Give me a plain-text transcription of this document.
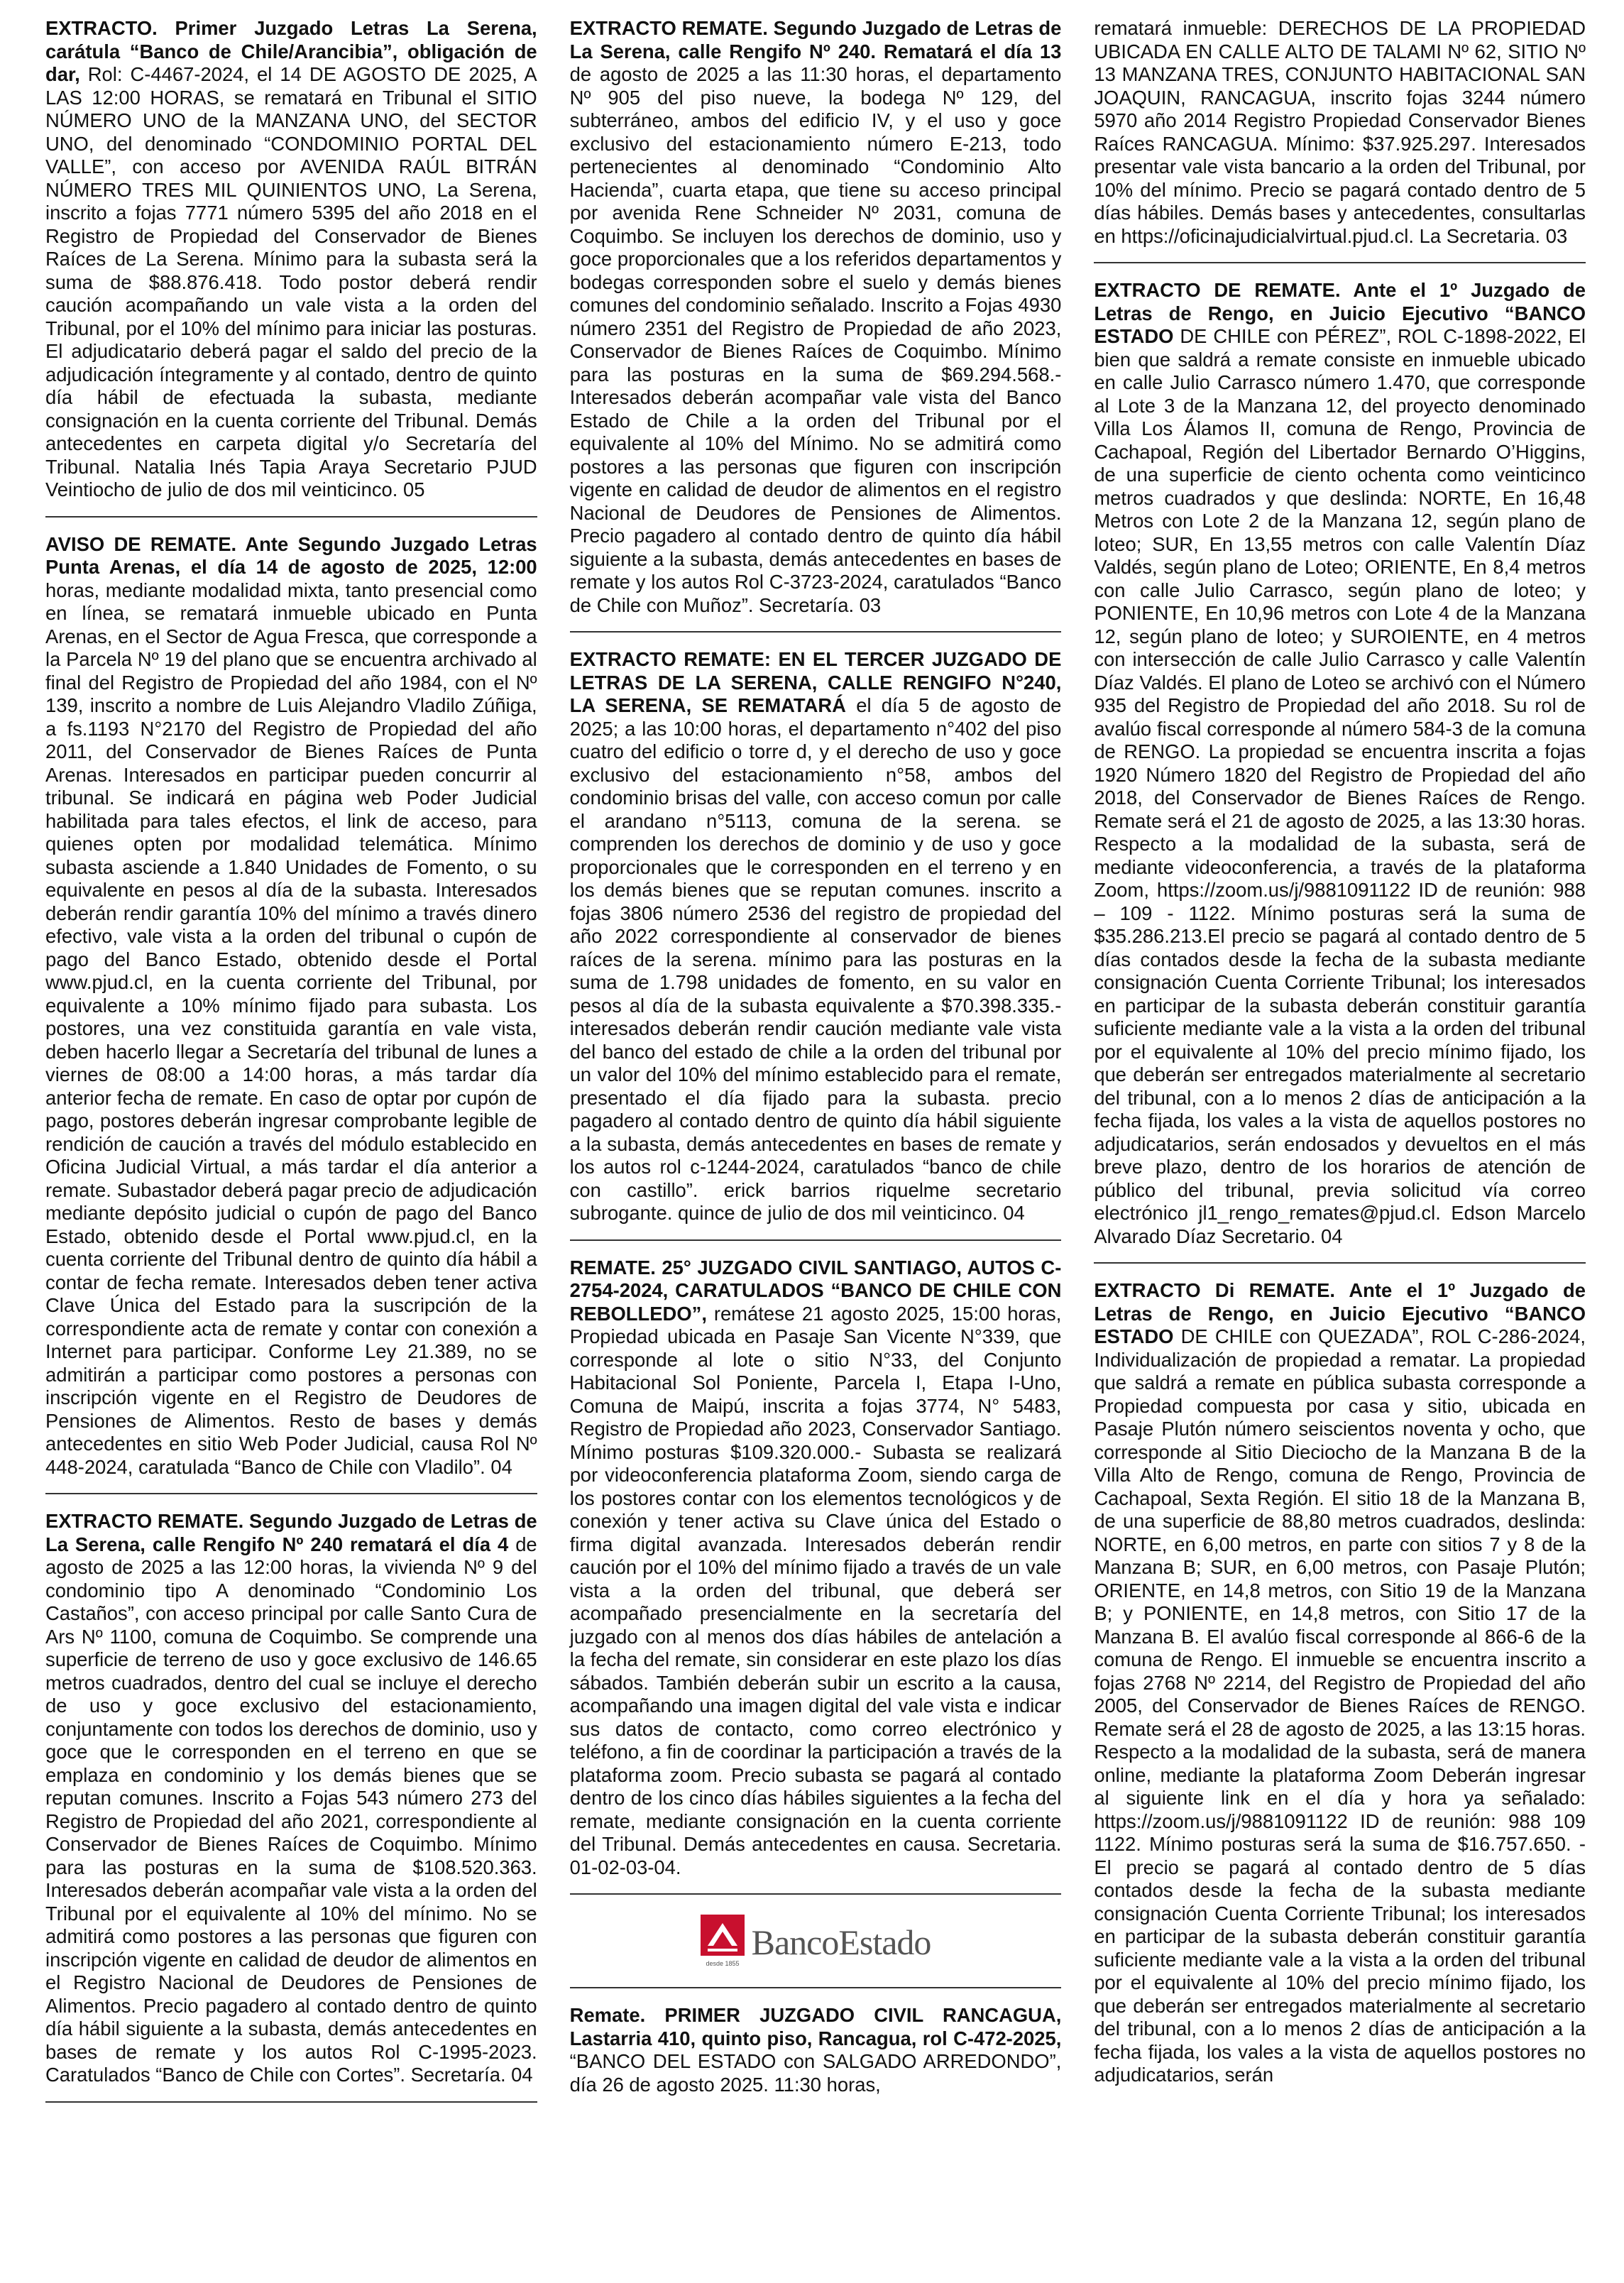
EXTRACTO. Primer Juzgado Letras La Serena, carátula “Banco de Chile/Arancibia”, obligación de dar, Rol: C-4467-2024, el 14 DE AGOSTO DE 2025, A LAS 12:00 HORAS, se rematará en Tribunal el SITIO NÚMERO UNO de la MANZANA UNO, del SECTOR UNO, del denominado “CONDOMINIO PORTAL DEL VALLE”, con acceso por AVENIDA RAÚL BITRÁN NÚMERO TRES MIL QUINIENTOS UNO, La Serena, inscrito a fojas 7771 número 5395 del año 2018 en el Registro de Propiedad del Conservador de Bienes Raíces de La Serena. Mínimo para la subasta será la suma de $88.876.418. Todo postor deberá rendir caución acompañando un vale vista a la orden del Tribunal, por el 10% del mínimo para iniciar las posturas. El adjudicatario deberá pagar el saldo del precio de la adjudicación íntegramente y al contado, dentro de quinto día hábil de efectuada la subasta, mediante consignación en la cuenta corriente del Tribunal. Demás antecedentes en carpeta digital y/o Secretaría del Tribunal. Natalia Inés Tapia Araya Secretario PJUD Veintiocho de julio de dos mil veinticinco. 05

AVISO DE REMATE. Ante Segundo Juzgado Letras Punta Arenas, el día 14 de agosto de 2025, 12:00 horas, mediante modalidad mixta, tanto presencial como en línea, se rematará inmueble ubicado en Punta Arenas, en el Sector de Agua Fresca, que corresponde a la Parcela Nº 19 del plano que se encuentra archivado al final del Registro de Propiedad del año 1984, con el Nº 139, inscrito a nombre de Luis Alejandro Vladilo Zúñiga, a fs.1193 N°2170 del Registro de Propiedad del año 2011, del Conservador de Bienes Raíces de Punta Arenas. Interesados en participar pueden concurrir al tribunal. Se indicará en página web Poder Judicial habilitada para tales efectos, el link de acceso, para quienes opten por modalidad telemática. Mínimo subasta asciende a 1.840 Unidades de Fomento, o su equivalente en pesos al día de la subasta. Interesados deberán rendir garantía 10% del mínimo a través dinero efectivo, vale vista a la orden del tribunal o cupón de pago del Banco Estado, obtenido desde el Portal www.pjud.cl, en la cuenta corriente del Tribunal, por equivalente a 10% mínimo fijado para subasta. Los postores, una vez constituida garantía en vale vista, deben hacerlo llegar a Secretaría del tribunal de lunes a viernes de 08:00 a 14:00 horas, a más tardar día anterior fecha de remate. En caso de optar por cupón de pago, postores deberán ingresar comprobante legible de rendición de caución a través del módulo establecido en Oficina Judicial Virtual, a más tardar el día anterior a remate. Subastador deberá pagar precio de adjudicación mediante depósito judicial o cupón de pago del Banco Estado, obtenido desde el Portal www.pjud.cl, en la cuenta corriente del Tribunal dentro de quinto día hábil a contar de fecha remate. Interesados deben tener activa Clave Única del Estado para la suscripción de la correspondiente acta de remate y contar con conexión a Internet para participar. Conforme Ley 21.389, no se admitirán a participar como postores a personas con inscripción vigente en el Registro de Deudores de Pensiones de Alimentos. Resto de bases y demás antecedentes en sitio Web Poder Judicial, causa Rol Nº 448-2024, caratulada “Banco de Chile con Vladilo”. 04

EXTRACTO REMATE. Segundo Juzgado de Letras de La Serena, calle Rengifo Nº 240 rematará el día 4 de agosto de 2025 a las 12:00 horas, la vivienda Nº 9 del condominio tipo A denominado “Condominio Los Castaños”, con acceso principal por calle Santo Cura de Ars Nº 1100, comuna de Coquimbo. Se comprende una superficie de terreno de uso y goce exclusivo de 146.65 metros cuadrados, dentro del cual se incluye el derecho de uso y goce exclusivo del estacionamiento, conjuntamente con todos los derechos de dominio, uso y goce que le corresponden en el terreno en que se emplaza en condominio y los demás bienes que se reputan comunes. Inscrito a Fojas 543 número 273 del Registro de Propiedad del año 2021, correspondiente al Conservador de Bienes Raíces de Coquimbo. Mínimo para las posturas en la suma de $108.520.363. Interesados deberán acompañar vale vista a la orden del Tribunal por el equivalente al 10% del mínimo. No se admitirá como postores a las personas que figuren con inscripción vigente en calidad de deudor de alimentos en el Registro Nacional de Deudores de Pensiones de Alimentos. Precio pagadero al contado dentro de quinto día hábil siguiente a la subasta, demás antecedentes en bases de remate y los autos Rol C-1995-2023. Caratulados “Banco de Chile con Cortes”. Secretaría. 04

EXTRACTO REMATE. Segundo Juzgado de Letras de La Serena, calle Rengifo Nº 240. Rematará el día 13 de agosto de 2025 a las 11:30 horas, el departamento Nº 905 del piso nueve, la bodega Nº 129, del subterráneo, ambos del edificio IV, y el uso y goce exclusivo del estacionamiento número E-213, todo pertenecientes al denominado “Condominio Alto Hacienda”, cuarta etapa, que tiene su acceso principal por avenida Rene Schneider Nº 2031, comuna de Coquimbo. Se incluyen los derechos de dominio, uso y goce proporcionales que a los referidos departamentos y bodegas corresponden sobre el suelo y demás bienes comunes del condominio señalado. Inscrito a Fojas 4930 número 2351 del Registro de Propiedad de año 2023, Conservador de Bienes Raíces de Coquimbo. Mínimo para las posturas en la suma de $69.294.568.- Interesados deberán acompañar vale vista del Banco Estado de Chile a la orden del Tribunal por el equivalente al 10% del Mínimo. No se admitirá como postores a las personas que figuren con inscripción vigente en calidad de deudor de alimentos en el registro Nacional de Deudores de Pensiones de Alimentos. Precio pagadero al contado dentro de quinto día hábil siguiente a la subasta, demás antecedentes en bases de remate y los autos Rol C-3723-2024, caratulados “Banco de Chile con Muñoz”. Secretaría. 03

EXTRACTO REMATE: EN EL TERCER JUZGADO DE LETRAS DE LA SERENA, CALLE RENGIFO N°240, LA SERENA, SE REMATARÁ el día 5 de agosto de 2025; a las 10:00 horas, el departamento n°402 del piso cuatro del edificio o torre d, y el derecho de uso y goce exclusivo del estacionamiento n°58, ambos del condominio brisas del valle, con acceso comun por calle el arandano n°5113, comuna de la serena. se comprenden los derechos de dominio y de uso y goce proporcionales que le corresponden en el terreno y en los demás bienes que se reputan comunes. inscrito a fojas 3806 número 2536 del registro de propiedad del año 2022 correspondiente al conservador de bienes raíces de la serena. mínimo para las posturas en la suma de 1.798 unidades de fomento, en su valor en pesos al día de la subasta equivalente a $70.398.335.- interesados deberán rendir caución mediante vale vista del banco del estado de chile a la orden del tribunal por un valor del 10% del mínimo establecido para el remate, presentado el día fijado para la subasta. precio pagadero al contado dentro de quinto día hábil siguiente a la subasta, demás antecedentes en bases de remate y los autos rol c-1244-2024, caratulados “banco de chile con castillo”. erick barrios riquelme secretario subrogante. quince de julio de dos mil veinticinco. 04

REMATE. 25° JUZGADO CIVIL SANTIAGO, AUTOS C-2754-2024, CARATULADOS “BANCO DE CHILE CON REBOLLEDO”, remátese 21 agosto 2025, 15:00 horas, Propiedad ubicada en Pasaje San Vicente N°339, que corresponde al lote o sitio N°33, del Conjunto Habitacional Sol Poniente, Parcela I, Etapa I-Uno, Comuna de Maipú, inscrita a fojas 3774, N° 5483, Registro de Propiedad año 2023, Conservador Santiago. Mínimo posturas $109.320.000.- Subasta se realizará por videoconferencia plataforma Zoom, siendo carga de los postores contar con los elementos tecnológicos y de conexión y tener activa su Clave única del Estado o firma digital avanzada. Interesados deberán rendir caución por el 10% del mínimo fijado a través de un vale vista a la orden del tribunal, que deberá ser acompañado presencialmente en la secretaría del juzgado con al menos dos días hábiles de antelación a la fecha del remate, sin considerar en este plazo los días sábados. También deberán subir un escrito a la causa, acompañando una imagen digital del vale vista e indicar sus datos de contacto, como correo electrónico y teléfono, a fin de coordinar la participación a través de la plataforma zoom. Precio subasta se pagará al contado dentro de los cinco días hábiles siguientes a la fecha del remate, mediante consignación en la cuenta corriente del Tribunal. Demás antecedentes en causa. Secretaria. 01-02-03-04.

desde 1855
BancoEstado

Remate. PRIMER JUZGADO CIVIL RANCAGUA, Lastarria 410, quinto piso, Rancagua, rol C-472-2025, “BANCO DEL ESTADO con SALGADO ARREDONDO”, día 26 de agosto 2025. 11:30 horas,

rematará inmueble: DERECHOS DE LA PROPIEDAD UBICADA EN CALLE ALTO DE TALAMI Nº 62, SITIO Nº 13 MANZANA TRES, CONJUNTO HABITACIONAL SAN JOAQUIN, RANCAGUA, inscrito fojas 3244 número 5970 año 2014 Registro Propiedad Conservador Bienes Raíces RANCAGUA. Mínimo: $37.925.297. Interesados presentar vale vista bancario a la orden del Tribunal, por 10% del mínimo. Precio se pagará contado dentro de 5 días hábiles. Demás bases y antecedentes, consultarlas en https://oficinajudicialvirtual.pjud.cl. La Secretaria. 03

EXTRACTO DE REMATE. Ante el 1º Juzgado de Letras de Rengo, en Juicio Ejecutivo “BANCO ESTADO DE CHILE con PÉREZ”, ROL C-1898-2022, El bien que saldrá a remate consiste en inmueble ubicado en calle Julio Carrasco número 1.470, que corresponde al Lote 3 de la Manzana 12, del proyecto denominado Villa Los Álamos II, comuna de Rengo, Provincia de Cachapoal, Región del Libertador Bernardo O’Higgins, de una superficie de ciento ochenta como veinticinco metros cuadrados y que deslinda: NORTE, En 16,48 Metros con Lote 2 de la Manzana 12, según plano de loteo; SUR, En 13,55 metros con calle Valentín Díaz Valdés, según plano de Loteo; ORIENTE, En 8,4 metros con calle Julio Carrasco, según plano de loteo; y PONIENTE, En 10,96 metros con Lote 4 de la Manzana 12, según plano de loteo; y SUROIENTE, en 4 metros con intersección de calle Julio Carrasco y calle Valentín Díaz Valdés. El plano de Loteo se archivó con el Número 935 del Registro de Propiedad del año 2018. Su rol de avalúo fiscal corresponde al número 584-3 de la comuna de RENGO. La propiedad se encuentra inscrita a fojas 1920 Número 1820 del Registro de Propiedad del año 2018, del Conservador de Bienes Raíces de Rengo. Remate será el 21 de agosto de 2025, a las 13:30 horas. Respecto a la modalidad de la subasta, será de mediante videoconferencia, a través de la plataforma Zoom, https://zoom.us/j/9881091122 ID de reunión: 988 – 109 - 1122. Mínimo posturas será la suma de $35.286.213.El precio se pagará al contado dentro de 5 días contados desde la fecha de la subasta mediante consignación Cuenta Corriente Tribunal; los interesados en participar de la subasta deberán constituir garantía suficiente mediante vale a la vista a la orden del tribunal por el equivalente al 10% del precio mínimo fijado, los que deberán ser entregados materialmente al secretario del tribunal, con a lo menos 2 días de anticipación a la fecha fijada, los vales a la vista de aquellos postores no adjudicatarios, serán endosados y devueltos en el más breve plazo, dentro de los horarios de atención de público del tribunal, previa solicitud vía correo electrónico jl1_rengo_remates@pjud.cl. Edson Marcelo Alvarado Díaz Secretario. 04

EXTRACTO Di REMATE. Ante el 1º Juzgado de Letras de Rengo, en Juicio Ejecutivo “BANCO ESTADO DE CHILE con QUEZADA”, ROL C-286-2024, Individualización de propiedad a rematar. La propiedad que saldrá a remate en pública subasta corresponde a Propiedad compuesta por casa y sitio, ubicada en Pasaje Plutón número seiscientos noventa y ocho, que corresponde al Sitio Dieciocho de la Manzana B de la Villa Alto de Rengo, comuna de Rengo, Provincia de Cachapoal, Sexta Región. El sitio 18 de la Manzana B, de una superficie de 88,80 metros cuadrados, deslinda: NORTE, en 6,00 metros, en parte con sitios 7 y 8 de la Manzana B; SUR, en 6,00 metros, con Pasaje Plutón; ORIENTE, en 14,8 metros, con Sitio 19 de la Manzana B; y PONIENTE, en 14,8 metros, con Sitio 17 de la Manzana B. El avalúo fiscal corresponde al 866-6 de la comuna de Rengo. El inmueble se encuentra inscrito a fojas 2768 Nº 2214, del Registro de Propiedad del año 2005, del Conservador de Bienes Raíces de RENGO. Remate será el 28 de agosto de 2025, a las 13:15 horas. Respecto a la modalidad de la subasta, será de manera online, mediante la plataforma Zoom Deberán ingresar al siguiente link en el día y hora ya señalado: https://zoom.us/j/9881091122 ID de reunión: 988 109 1122. Mínimo posturas será la suma de $16.757.650. - El precio se pagará al contado dentro de 5 días contados desde la fecha de la subasta mediante consignación Cuenta Corriente Tribunal; los interesados en participar de la subasta deberán constituir garantía suficiente mediante vale a la vista a la orden del tribunal por el equivalente al 10% del precio mínimo fijado, los que deberán ser entregados materialmente al secretario del tribunal, con a lo menos 2 días de anticipación a la fecha fijada, los vales a la vista de aquellos postores no adjudicatarios, serán
